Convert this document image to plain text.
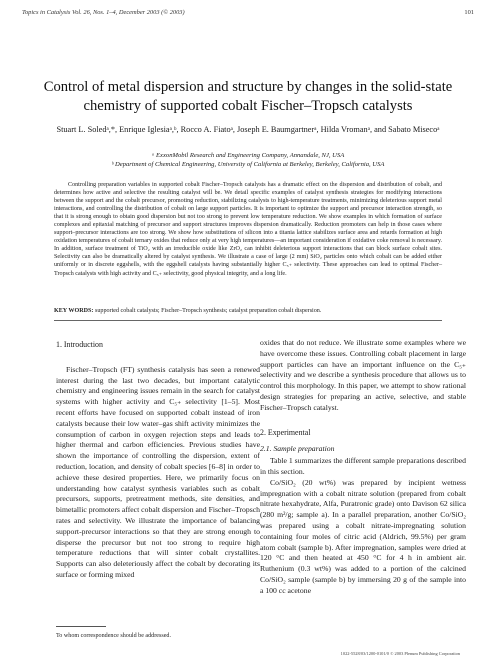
Topics in Catalysis Vol. 26, Nos. 1–4, December 2003 (© 2003)	101
Control of metal dispersion and structure by changes in the solid-state chemistry of supported cobalt Fischer–Tropsch catalysts
Stuart L. Soledᵃ,*, Enrique Iglesiaᵃ,ᵇ, Rocco A. Fiatoᵃ, Joseph E. Baumgartnerᵃ, Hilda Vromanᵃ, and Sabato Misecoᵃ
ᵃ ExxonMobil Research and Engineering Company, Annandale, NJ, USA
ᵇ Department of Chemical Engineering, University of California at Berkeley, Berkeley, California, USA
Controlling preparation variables in supported cobalt Fischer–Tropsch catalysts has a dramatic effect on the dispersion and distribution of cobalt, and determines how active and selective the resulting catalyst will be. We detail specific examples of catalyst synthesis strategies for modifying interactions between the support and the cobalt precursor, promoting reduction, stabilizing catalysts to high-temperature treatments, minimizing deleterious support metal interactions, and controlling the distribution of cobalt on large support particles. It is important to optimize the support and precursor interaction strength, so that it is strong enough to obtain good dispersion but not too strong to prevent low temperature reduction. We show examples in which formation of surface complexes and epitaxial matching of precursor and support structures improves dispersion dramatically. Reduction promoters can help in those cases where support–precursor interactions are too strong. We show how substitutions of silicon into a titania lattice stabilizes surface area and retards formation at high oxidation temperatures of cobalt ternary oxides that reduce only at very high temperatures—an important consideration if oxidative coke removal is necessary. In addition, surface treatment of TiO₂ with an irreducible oxide like ZrO₂ can inhibit deleterious support interactions that can block surface cobalt sites. Selectivity can also be dramatically altered by catalyst synthesis. We illustrate a case of large (2 mm) SiO₂ particles onto which cobalt can be added either uniformly or in discrete eggshells, with the eggshell catalysts having substantially higher C₅₊ selectivity. These approaches can lead to optimal Fischer–Tropsch catalysts with high activity and C₅₊ selectivity, good physical integrity, and a long life.
KEY WORDS: supported cobalt catalysts; Fischer–Tropsch synthesis; catalyst preparation cobalt dispersion.
1. Introduction

Fischer–Tropsch (FT) synthesis catalysis has seen a renewed interest during the last two decades, but important catalytic chemistry and engineering issues remain in the search for catalyst systems with higher activity and C₅₊ selectivity [1–5]. Most recent efforts have focused on supported cobalt instead of iron catalysts because their low water–gas shift activity minimizes the consumption of carbon in oxygen rejection steps and leads to higher thermal and carbon efficiencies. Previous studies have shown the importance of controlling the dispersion, extent of reduction, location, and density of cobalt species [6–8] in order to achieve these desired properties. Here, we primarily focus on understanding how catalyst synthesis variables such as cobalt precursors, supports, pretreatment methods, site densities, and bimetallic promoters affect cobalt dispersion and Fischer–Tropsch rates and selectivity. We illustrate the importance of balancing support-precursor interactions so that they are strong enough to disperse the precursor but not too strong to require high temperature reductions that will sinter cobalt crystallites. Supports can also deleteriously affect the cobalt by decorating its surface or forming mixed

oxides that do not reduce. We illustrate some examples where we have overcome these issues. Controlling cobalt placement in large support particles can have an important influence on the C₅₊ selectivity and we describe a synthesis procedure that allows us to control this morphology. In this paper, we attempt to show rational design strategies for preparing an active, selective, and stable Fischer–Tropsch catalyst.

2. Experimental
2.1. Sample preparation

Table 1 summarizes the different sample preparations described in this section.

Co/SiO₂ (20 wt%) was prepared by incipient wetness impregnation with a cobalt nitrate solution (prepared from cobalt nitrate hexahydrate, Alfa, Puratronic grade) onto Davison 62 silica (280 m²/g; sample a). In a parallel preparation, another Co/SiO₂ was prepared using a cobalt nitrate-impregnating solution containing four moles of citric acid (Aldrich, 99.5%) per gram atom cobalt (sample b). After impregnation, samples were dried at 120 °C and then heated at 450 °C for 4 h in ambient air. Ruthenium (0.3 wt%) was added to a portion of the calcined Co/SiO₂ sample (sample b) by immersing 20 g of the sample into a 100 cc acetone

To whom correspondence should be addressed.
1022-5528/03/1200-0101/0 © 2003 Plenum Publishing Corporation
